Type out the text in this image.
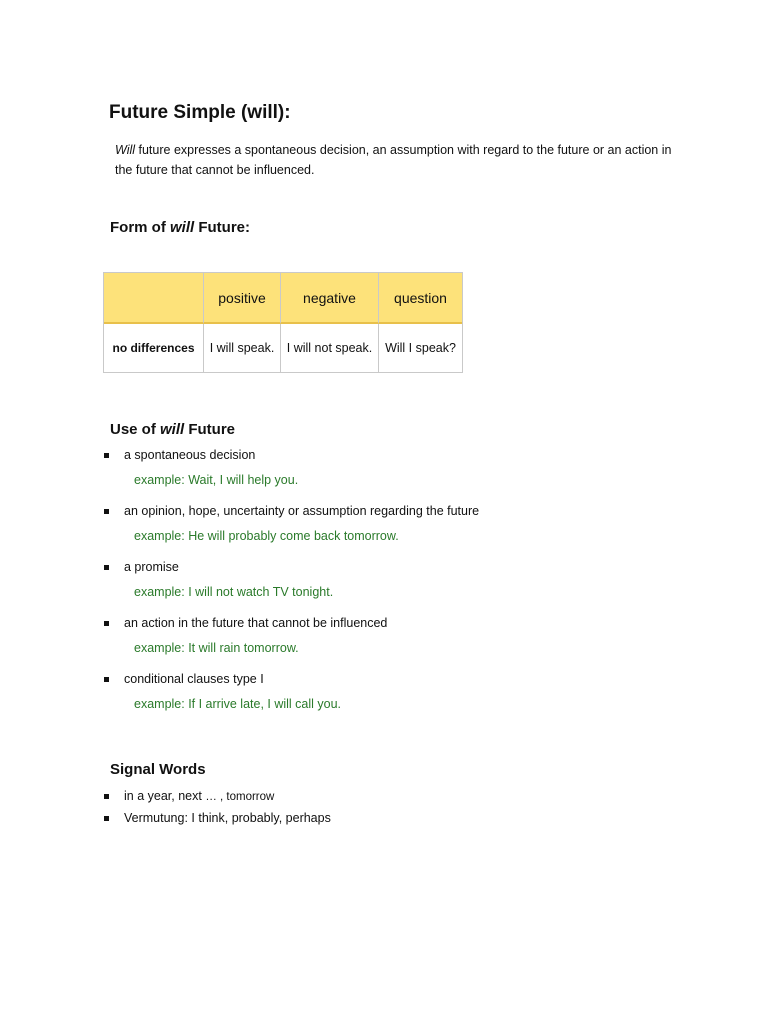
Future Simple (will):

Will future expresses a spontaneous decision, an assumption with regard to the future or an action in the future that cannot be influenced.

Form of will Future:
	positive	negative	question
no differences	I will speak.	I will not speak.	Will I speak?
Use of will Future
a spontaneous decision
example: Wait, I will help you.
an opinion, hope, uncertainty or assumption regarding the future
example: He will probably come back tomorrow.
a promise
example: I will not watch TV tonight.
an action in the future that cannot be influenced
example: It will rain tomorrow.
conditional clauses type I
example: If I arrive late, I will call you.
Signal Words
in a year, next … , tomorrow
Vermutung: I think, probably, perhaps
